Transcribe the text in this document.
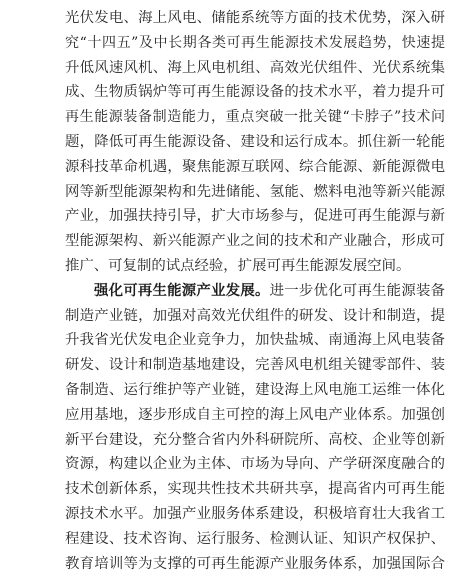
光伏发电、海上风电、储能系统等方面的技术优势，深入研
究“十四五”及中长期各类可再生能源技术发展趋势，快速提
升低风速风机、海上风电机组、高效光伏组件、光伏系统集
成、生物质锅炉等可再生能源设备的技术水平，着力提升可
再生能源装备制造能力，重点突破一批关键“卡脖子”技术问
题，降低可再生能源设备、建设和运行成本。抓住新一轮能
源科技革命机遇，聚焦能源互联网、综合能源、新能源微电
网等新型能源架构和先进储能、氢能、燃料电池等新兴能源
产业，加强扶持引导，扩大市场参与，促进可再生能源与新
型能源架构、新兴能源产业之间的技术和产业融合，形成可
推广、可复制的试点经验，扩展可再生能源发展空间。
强化可再生能源产业发展。进一步优化可再生能源装备
制造产业链，加强对高效光伏组件的研发、设计和制造，提
升我省光伏发电企业竞争力，加快盐城、南通海上风电装备
研发、设计和制造基地建设，完善风电机组关键零部件、装
备制造、运行维护等产业链，建设海上风电施工运维一体化
应用基地，逐步形成自主可控的海上风电产业体系。加强创
新平台建设，充分整合省内外科研院所、高校、企业等创新
资源，构建以企业为主体、市场为导向、产学研深度融合的
技术创新体系，实现共性技术共研共享，提高省内可再生能
源技术水平。加强产业服务体系建设，积极培育壮大我省工
程建设、技术咨询、运行服务、检测认证、知识产权保护、
教育培训等为支撑的可再生能源产业服务体系，加强国际合
